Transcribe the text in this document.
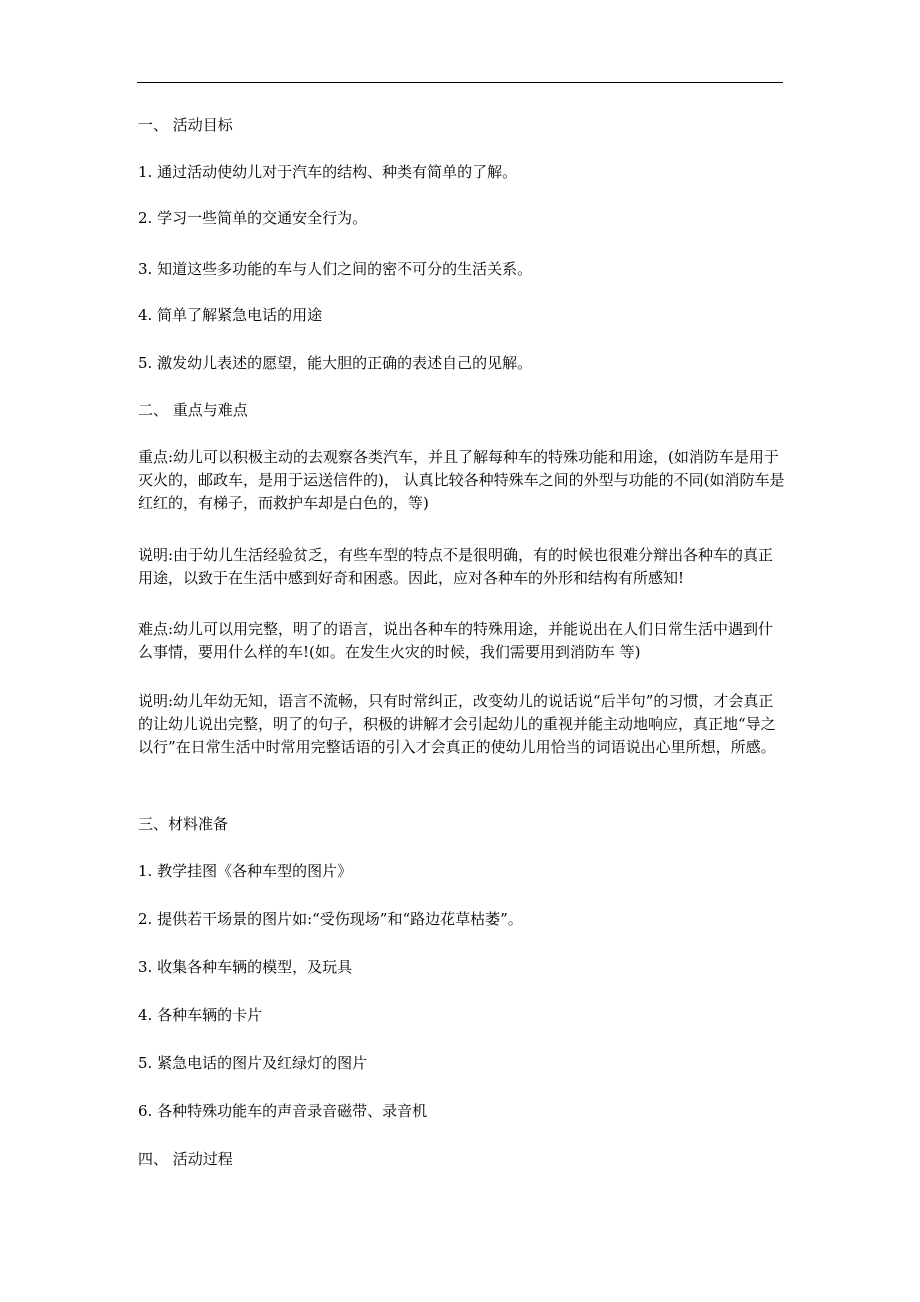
一、 活动目标

1. 通过活动使幼儿对于汽车的结构、种类有简单的了解。

2. 学习一些简单的交通安全行为。

3. 知道这些多功能的车与人们之间的密不可分的生活关系。

4. 简单了解紧急电话的用途

5. 激发幼儿表述的愿望，能大胆的正确的表述自己的见解。

二、 重点与难点

重点:幼儿可以积极主动的去观察各类汽车，并且了解每种车的特殊功能和用途，(如消防车是用于灭火的，邮政车，是用于运送信件的)， 认真比较各种特殊车之间的外型与功能的不同(如消防车是红红的，有梯子，而救护车却是白色的，等)

说明:由于幼儿生活经验贫乏，有些车型的特点不是很明确，有的时候也很难分辩出各种车的真正用途，以致于在生活中感到好奇和困惑。因此，应对各种车的外形和结构有所感知!

难点:幼儿可以用完整，明了的语言，说出各种车的特殊用途，并能说出在人们日常生活中遇到什么事情，要用什么样的车!(如。在发生火灾的时候，我们需要用到消防车 等)

说明:幼儿年幼无知，语言不流畅，只有时常纠正，改变幼儿的说话说“后半句”的习惯，才会真正的让幼儿说出完整，明了的句子，积极的讲解才会引起幼儿的重视并能主动地响应，真正地“导之以行”在日常生活中时常用完整话语的引入才会真正的使幼儿用恰当的词语说出心里所想，所感。

三、材料准备

1. 教学挂图《各种车型的图片》

2. 提供若干场景的图片如:“受伤现场”和“路边花草枯萎”。

3. 收集各种车辆的模型，及玩具

4. 各种车辆的卡片

5. 紧急电话的图片及红绿灯的图片

6. 各种特殊功能车的声音录音磁带、录音机

四、 活动过程
